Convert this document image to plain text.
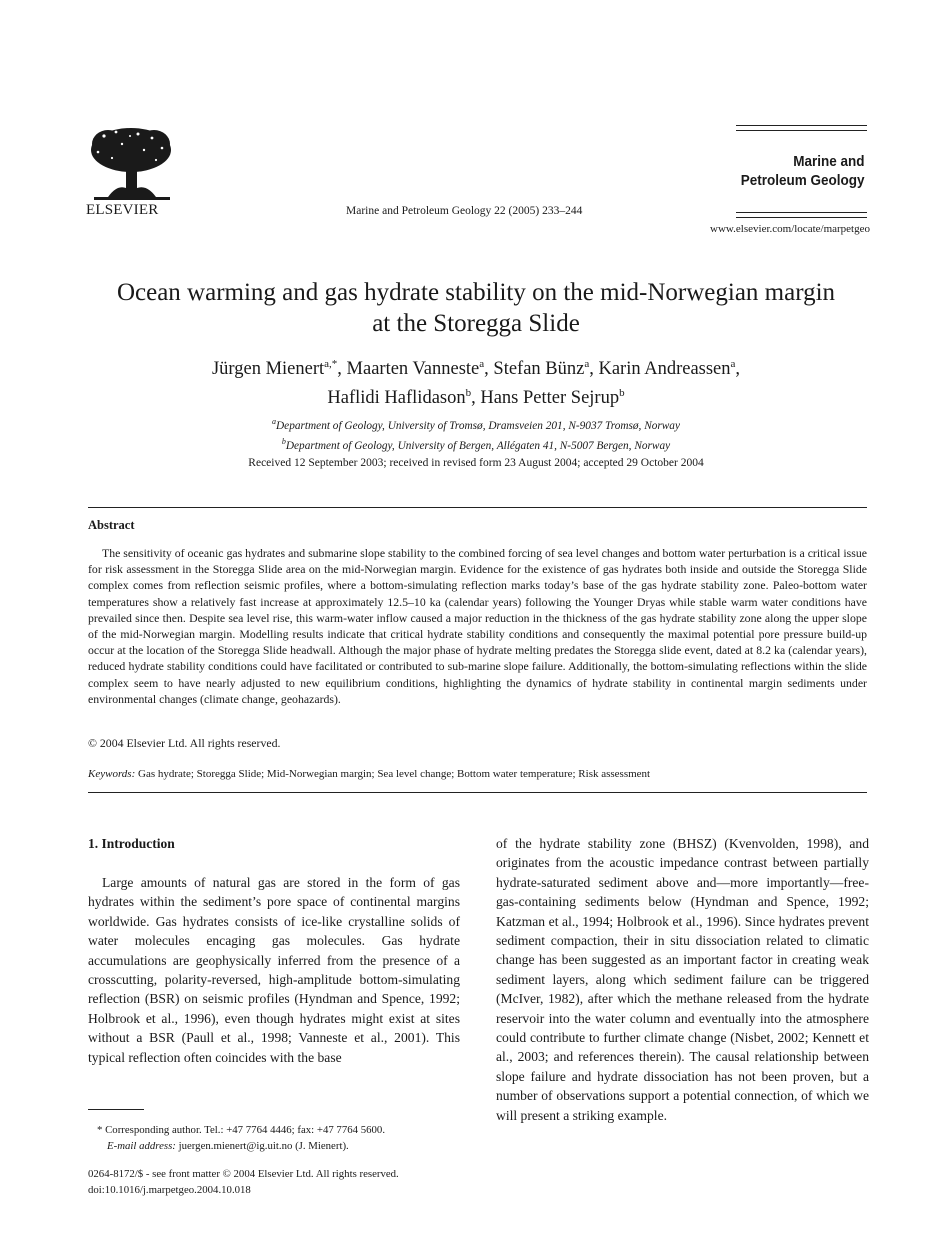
ELSEVIER	Marine and Petroleum Geology 22 (2005) 233–244
Marine and
Petroleum Geology
www.elsevier.com/locate/marpetgeo
Ocean warming and gas hydrate stability on the mid-Norwegian margin
at the Storegga Slide
Jürgen Mienert$^{a,*}$, Maarten Vanneste$^a$, Stefan Bünz$^a$, Karin Andreassen$^a$,
Haflidi Haflidason$^b$, Hans Petter Sejrup$^b$
$^a$Department of Geology, University of Tromsø, Dramsveien 201, N-9037 Tromsø, Norway
$^b$Department of Geology, University of Bergen, Allégaten 41, N-5007 Bergen, Norway
Received 12 September 2003; received in revised form 23 August 2004; accepted 29 October 2004
Abstract

The sensitivity of oceanic gas hydrates and submarine slope stability to the combined forcing of sea level changes and bottom water perturbation is a critical issue for risk assessment in the Storegga Slide area on the mid-Norwegian margin. Evidence for the existence of gas hydrates both inside and outside the Storegga Slide complex comes from reflection seismic profiles, where a bottom-simulating reflection marks today’s base of the gas hydrate stability zone. Paleo-bottom water temperatures show a relatively fast increase at approximately 12.5–10 ka (calendar years) following the Younger Dryas while stable warm water conditions have prevailed since then. Despite sea level rise, this warm-water inflow caused a major reduction in the thickness of the gas hydrate stability zone along the upper slope of the mid-Norwegian margin. Modelling results indicate that critical hydrate stability conditions and consequently the maximal potential pore pressure build-up occur at the location of the Storegga Slide headwall. Although the major phase of hydrate melting predates the Storegga slide event, dated at 8.2 ka (calendar years), reduced hydrate stability conditions could have facilitated or contributed to sub-marine slope failure. Additionally, the bottom-simulating reflections within the slide complex seem to have nearly adjusted to new equilibrium conditions, highlighting the dynamics of hydrate stability in continental margin sediments under environmental changes (climate change, geohazards).

© 2004 Elsevier Ltd. All rights reserved.
Keywords: Gas hydrate; Storegga Slide; Mid-Norwegian margin; Sea level change; Bottom water temperature; Risk assessment
1. Introduction

Large amounts of natural gas are stored in the form of gas hydrates within the sediment’s pore space of continental margins worldwide. Gas hydrates consists of ice-like crystalline solids of water molecules encaging gas molecules. Gas hydrate accumulations are geophysically inferred from the presence of a crosscutting, polarity-reversed, high-amplitude bottom-simulating reflection (BSR) on seismic profiles (Hyndman and Spence, 1992; Holbrook et al., 1996), even though hydrates might exist at sites without a BSR (Paull et al., 1998; Vanneste et al., 2001). This typical reflection often coincides with the base

of the hydrate stability zone (BHSZ) (Kvenvolden, 1998), and originates from the acoustic impedance contrast between partially hydrate-saturated sediment above and—more importantly—free-gas-containing sediments below (Hyndman and Spence, 1992; Katzman et al., 1994; Holbrook et al., 1996). Since hydrates prevent sediment compaction, their in situ dissociation related to climatic change has been suggested as an important factor in creating weak sediment layers, along which sediment failure can be triggered (McIver, 1982), after which the methane released from the hydrate reservoir into the water column and eventually into the atmosphere could contribute to further climate change (Nisbet, 2002; Kennett et al., 2003; and references therein). The causal relationship between slope failure and hydrate dissociation has not been proven, but a number of observations support a potential connection, of which we will present a striking example.

* Corresponding author. Tel.: +47 7764 4446; fax: +47 7764 5600.
E-mail address: juergen.mienert@ig.uit.no (J. Mienert).
0264-8172/$ - see front matter © 2004 Elsevier Ltd. All rights reserved.
doi:10.1016/j.marpetgeo.2004.10.018
